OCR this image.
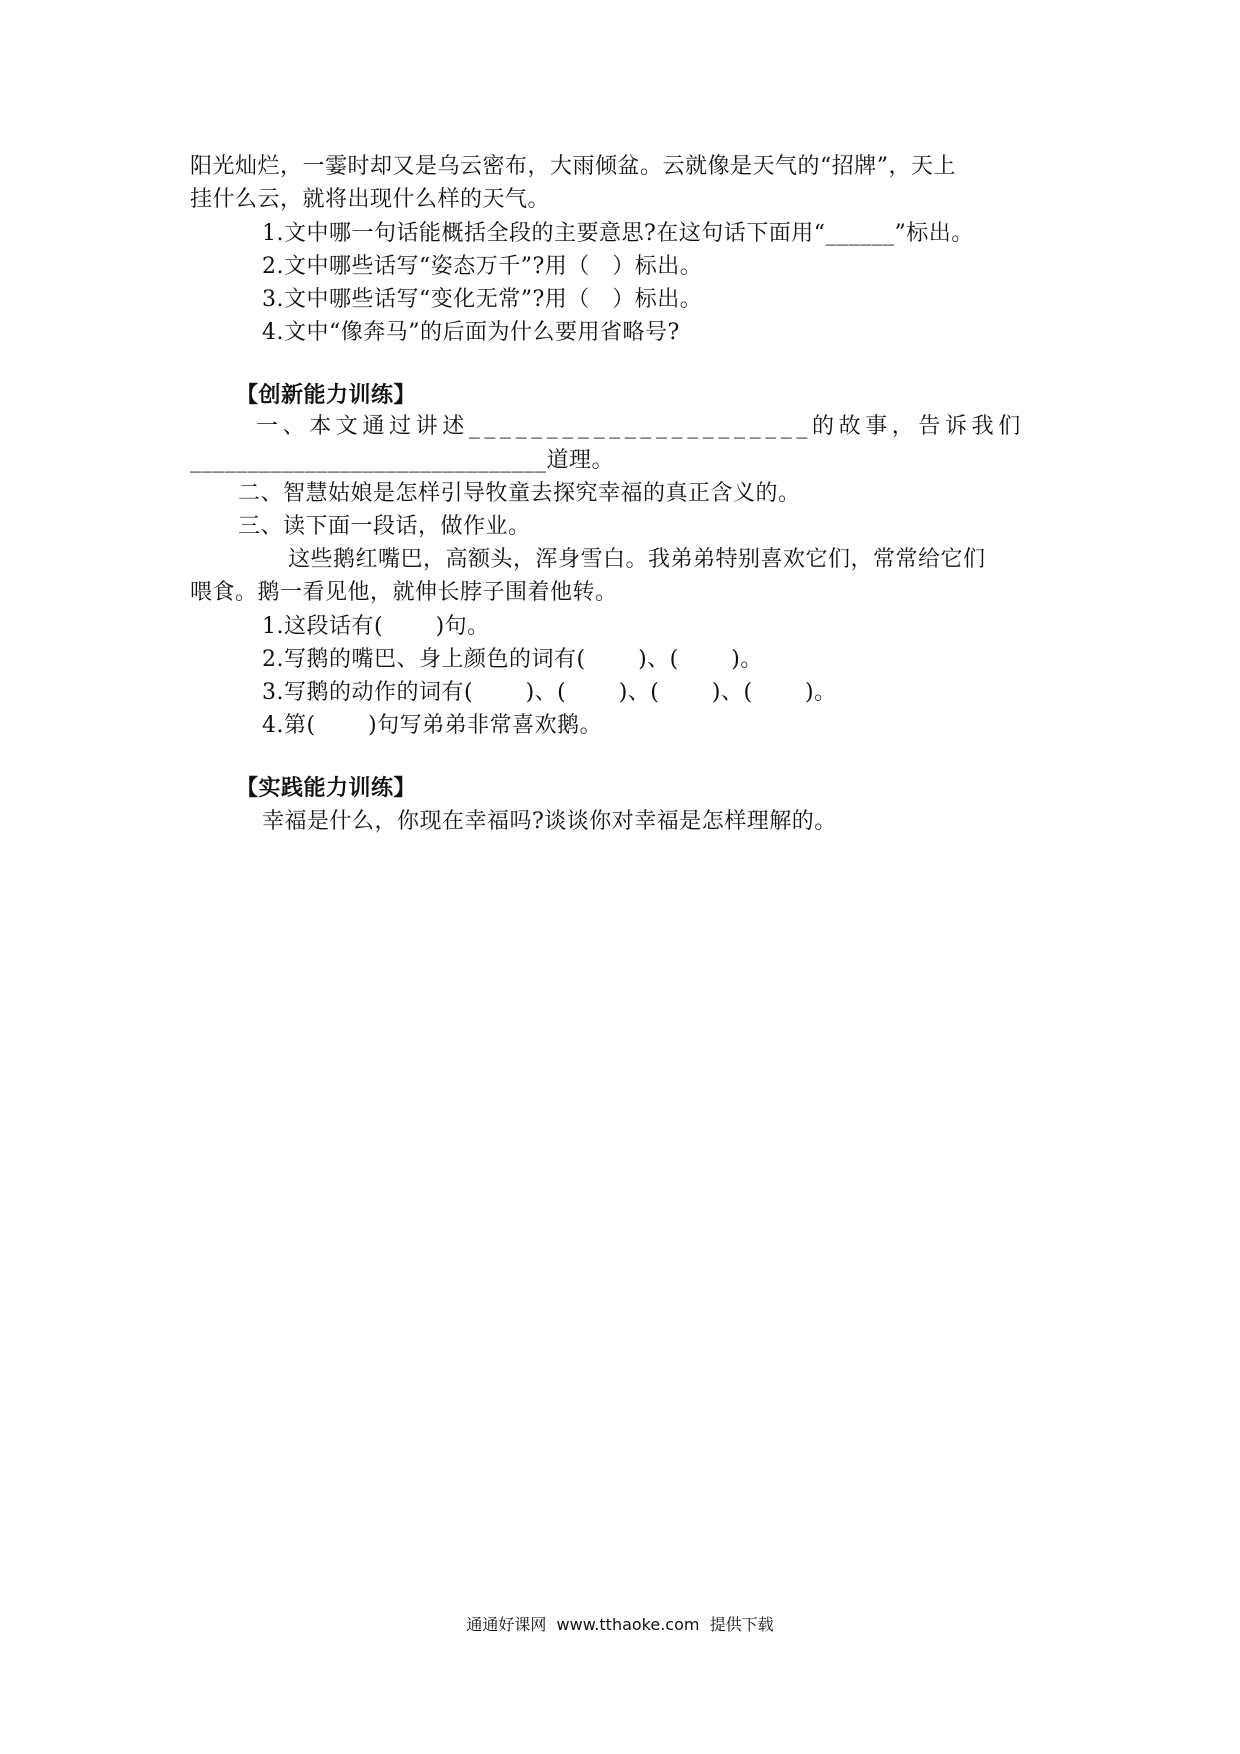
阳光灿烂，一霎时却又是乌云密布，大雨倾盆。云就像是天气的“招牌”，天上
挂什么云，就将出现什么样的天气。
1.文中哪一句话能概括全段的主要意思?在这句话下面用“______”标出。
2.文中哪些话写“姿态万千”?用（　）标出。
3.文中哪些话写“变化无常”?用（　）标出。
4.文中“像奔马”的后面为什么要用省略号?
【创新能力训练】
一、本文通过讲述______________________的故事，告诉我们
_______________________________道理。
二、智慧姑娘是怎样引导牧童去探究幸福的真正含义的。
三、读下面一段话，做作业。
这些鹅红嘴巴，高额头，浑身雪白。我弟弟特别喜欢它们，常常给它们
喂食。鹅一看见他，就伸长脖子围着他转。
1.这段话有(　　 )句。
2.写鹅的嘴巴、身上颜色的词有(　　 )、(　　 )。
3.写鹅的动作的词有(　　 )、(　　 )、(　　 )、(　　 )。
4.第(　　 )句写弟弟非常喜欢鹅。
【实践能力训练】
幸福是什么，你现在幸福吗?谈谈你对幸福是怎样理解的。
通通好课网  www.tthaoke.com  提供下载
